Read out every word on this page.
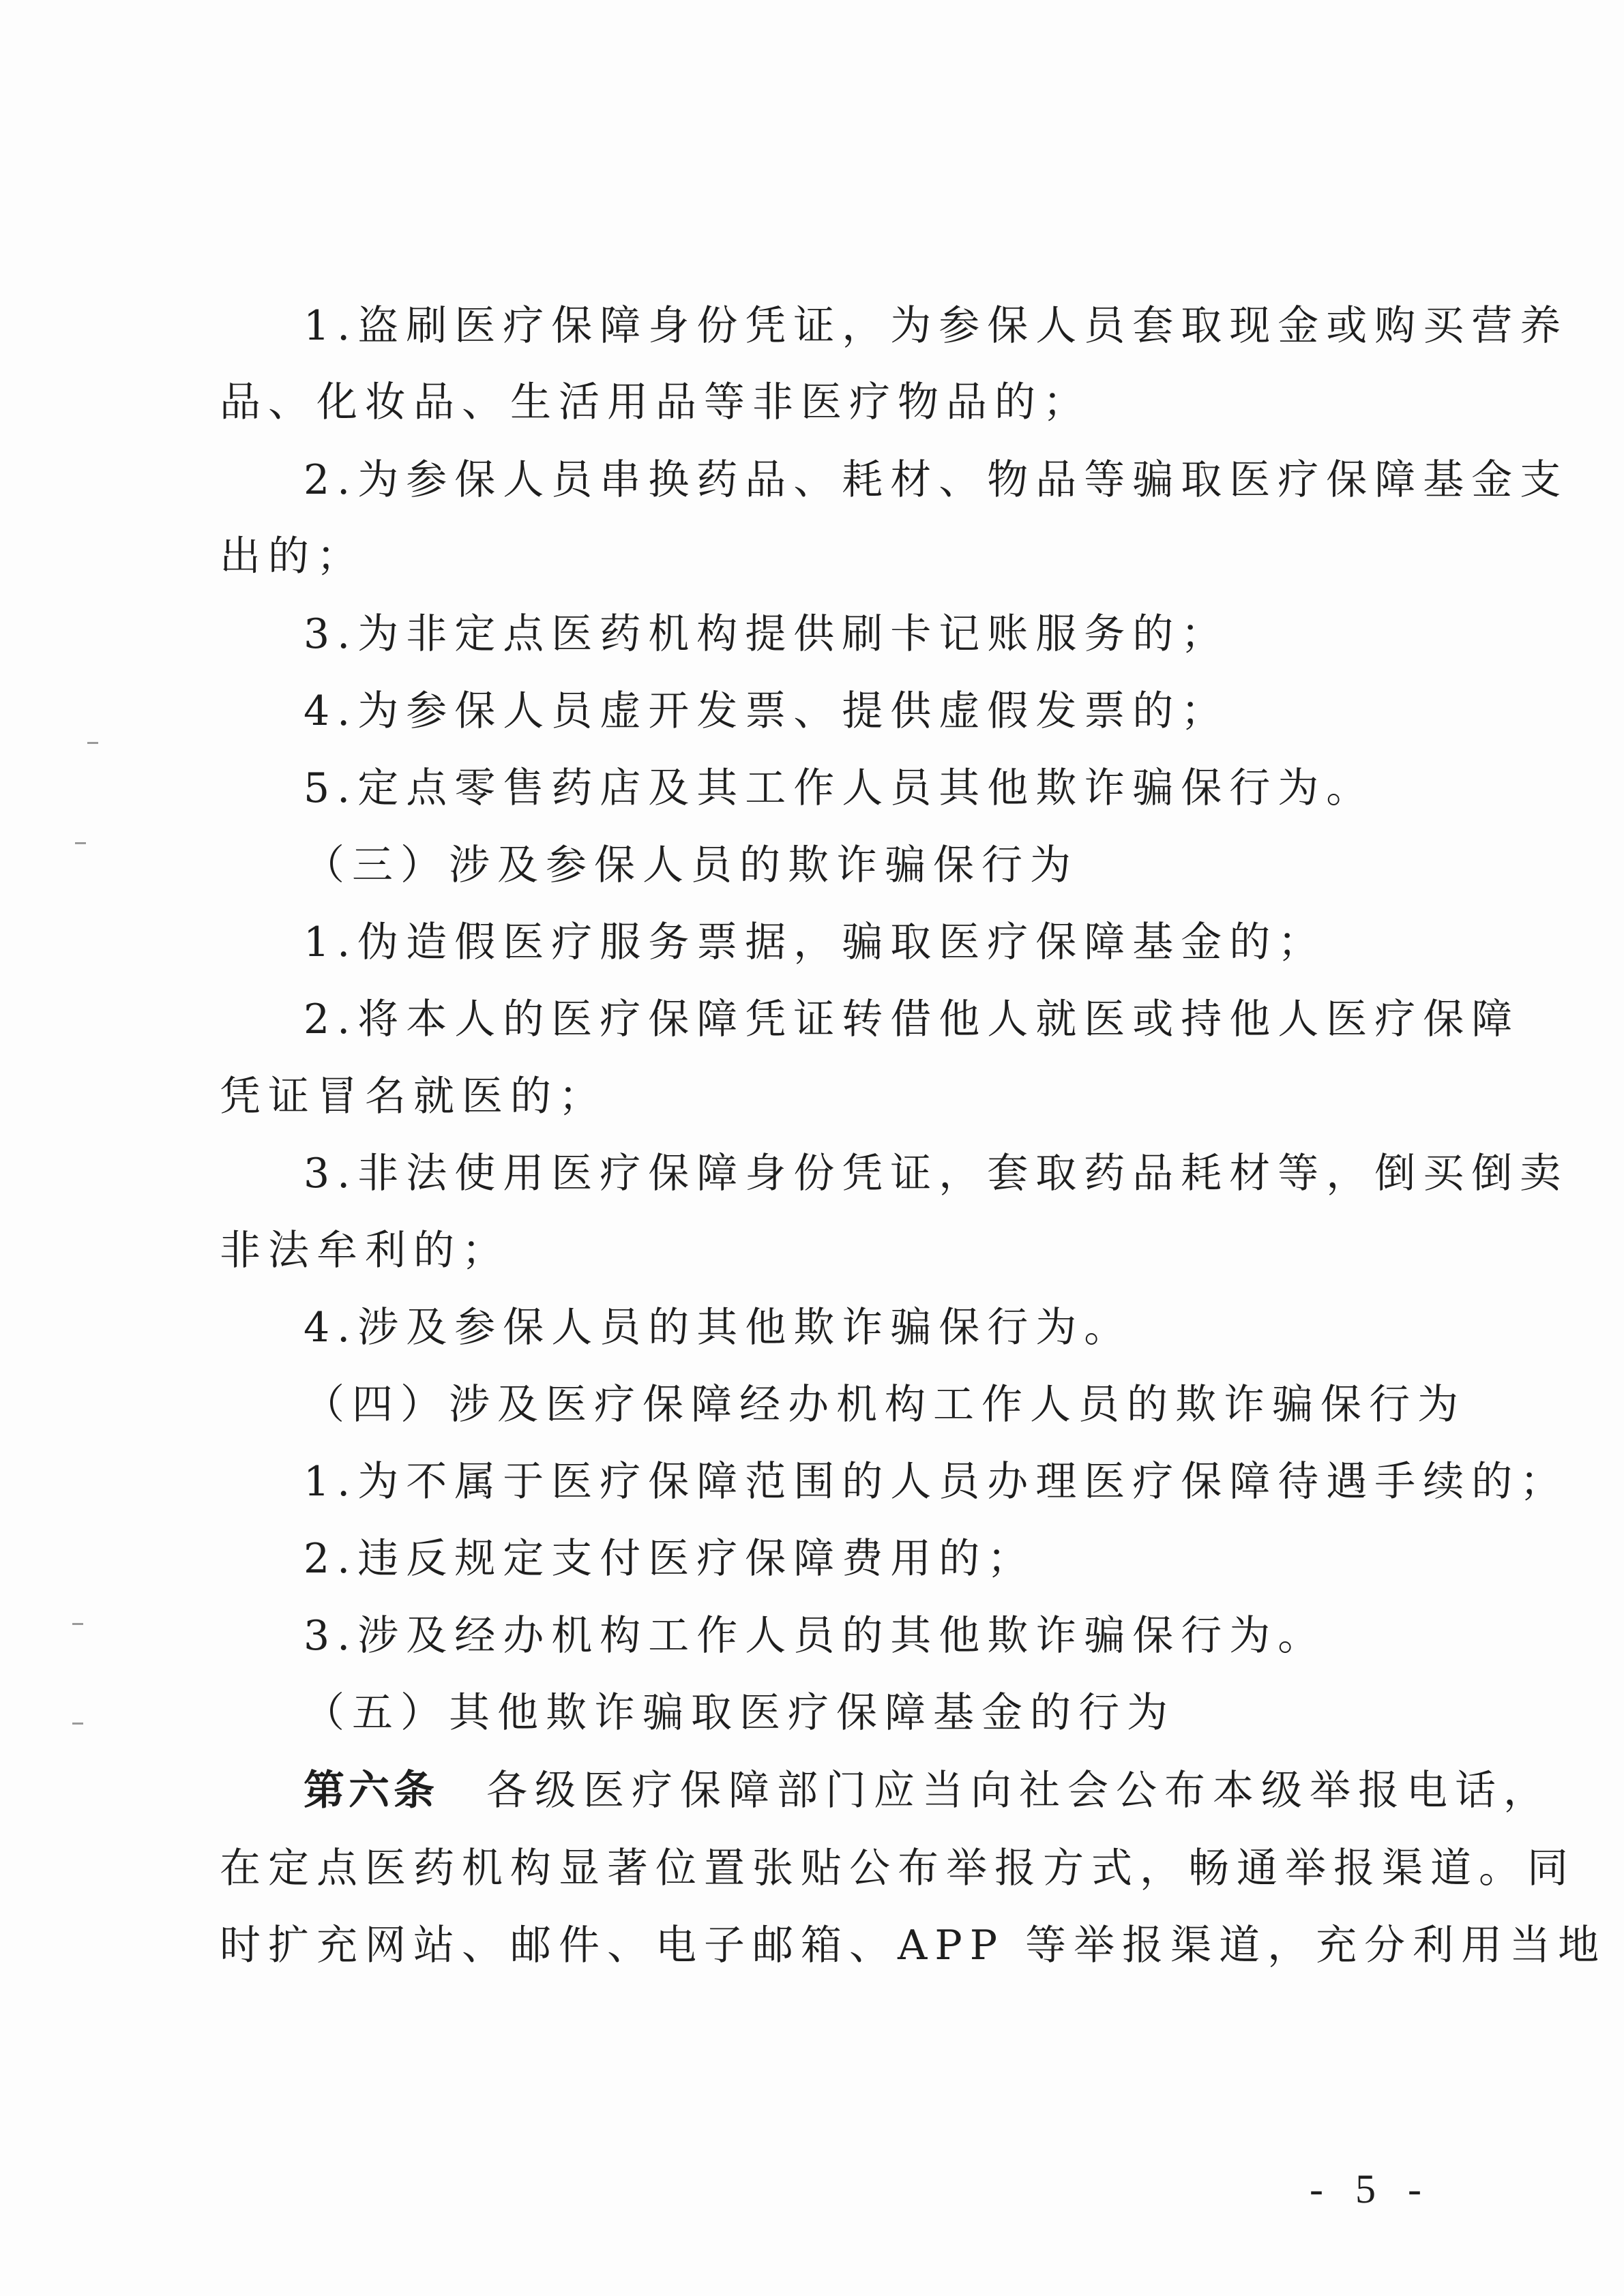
1.盗刷医疗保障身份凭证，为参保人员套取现金或购买营养
品、化妆品、生活用品等非医疗物品的；
2.为参保人员串换药品、耗材、物品等骗取医疗保障基金支
出的；
3.为非定点医药机构提供刷卡记账服务的；
4.为参保人员虚开发票、提供虚假发票的；
5.定点零售药店及其工作人员其他欺诈骗保行为。
（三）涉及参保人员的欺诈骗保行为
1.伪造假医疗服务票据，骗取医疗保障基金的；
2.将本人的医疗保障凭证转借他人就医或持他人医疗保障
凭证冒名就医的；
3.非法使用医疗保障身份凭证，套取药品耗材等，倒买倒卖
非法牟利的；
4.涉及参保人员的其他欺诈骗保行为。
（四）涉及医疗保障经办机构工作人员的欺诈骗保行为
1.为不属于医疗保障范围的人员办理医疗保障待遇手续的；
2.违反规定支付医疗保障费用的；
3.涉及经办机构工作人员的其他欺诈骗保行为。
（五）其他欺诈骗取医疗保障基金的行为
第六条 各级医疗保障部门应当向社会公布本级举报电话，
在定点医药机构显著位置张贴公布举报方式，畅通举报渠道。同
时扩充网站、邮件、电子邮箱、APP 等举报渠道，充分利用当地
- 5 -
